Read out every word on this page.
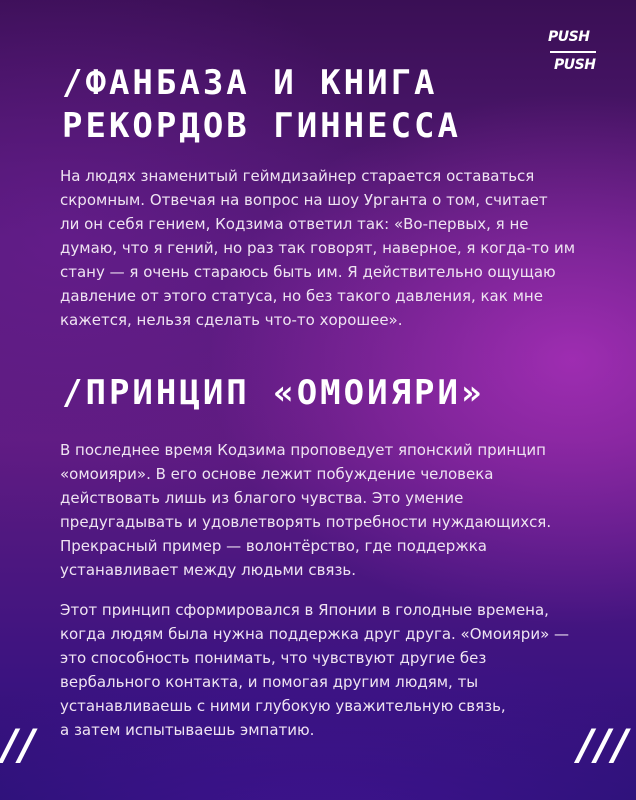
PUSH
PUSH
/ФАНБАЗА И КНИГА
РЕКОРДОВ ГИННЕССА

На людях знаменитый геймдизайнер старается оставаться
скромным. Отвечая на вопрос на шоу Урганта о том, считает
ли он себя гением, Кодзима ответил так: «Во-первых, я не
думаю, что я гений, но раз так говорят, наверное, я когда-то им
стану — я очень стараюсь быть им. Я действительно ощущаю
давление от этого статуса, но без такого давления, как мне
кажется, нельзя сделать что-то хорошее».

/ПРИНЦИП «ОМОИЯРИ»

В последнее время Кодзима проповедует японский принцип
«омоияри». В его основе лежит побуждение человека
действовать лишь из благого чувства. Это умение
предугадывать и удовлетворять потребности нуждающихся.
Прекрасный пример — волонтёрство, где поддержка
устанавливает между людьми связь.

Этот принцип сформировался в Японии в голодные времена,
когда людям была нужна поддержка друг друга. «Омоияри» —
это способность понимать, что чувствуют другие без
вербального контакта, и помогая другим людям, ты
устанавливаешь с ними глубокую уважительную связь,
а затем испытываешь эмпатию.

//	///
